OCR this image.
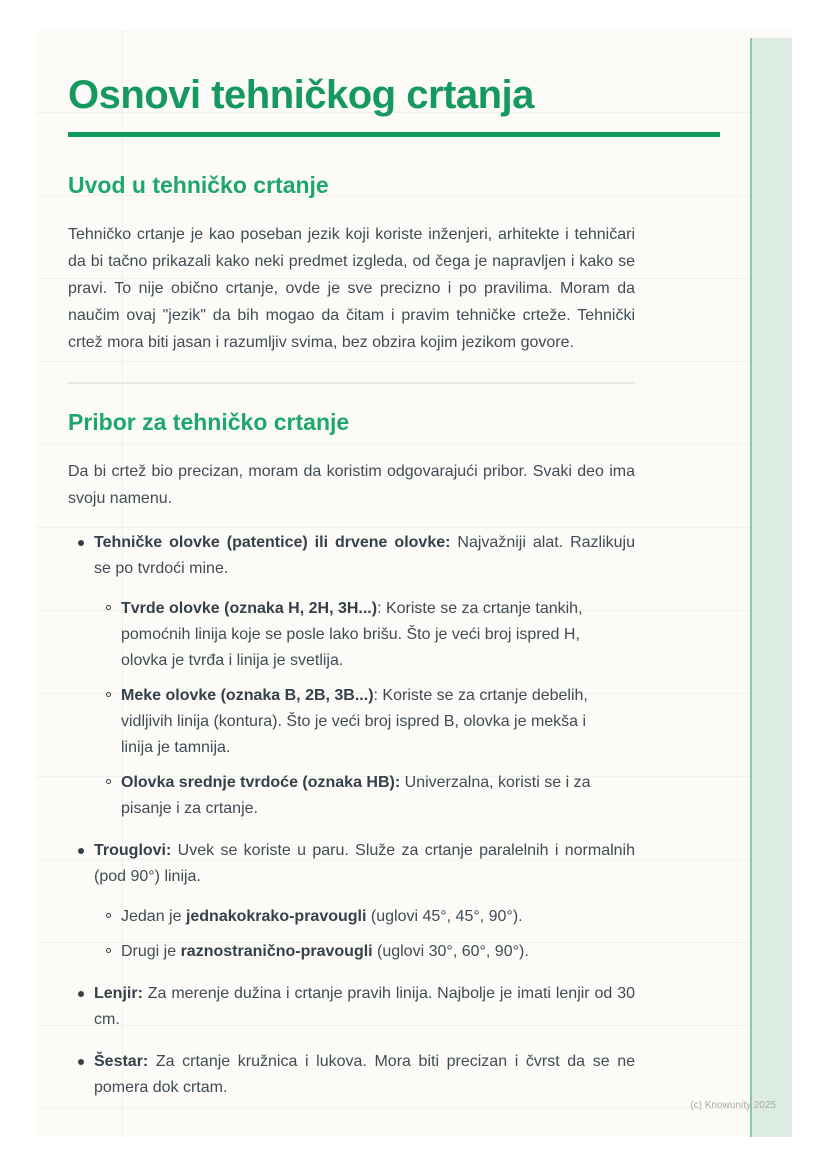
Osnovi tehničkog crtanja
Uvod u tehničko crtanje

Tehničko crtanje je kao poseban jezik koji koriste inženjeri, arhitekte i tehničari da bi tačno prikazali kako neki predmet izgleda, od čega je napravljen i kako se pravi. To nije obično crtanje, ovde je sve precizno i po pravilima. Moram da naučim ovaj "jezik" da bih mogao da čitam i pravim tehničke crteže. Tehnički crtež mora biti jasan i razumljiv svima, bez obzira kojim jezikom govore.

Pribor za tehničko crtanje

Da bi crtež bio precizan, moram da koristim odgovarajući pribor. Svaki deo ima svoju namenu.

Tehničke olovke (patentice) ili drvene olovke: Najvažniji alat. Razlikuju se po tvrdoći mine.
Tvrde olovke (oznaka H, 2H, 3H...): Koriste se za crtanje tankih, pomoćnih linija koje se posle lako brišu. Što je veći broj ispred H, olovka je tvrđa i linija je svetlija.
Meke olovke (oznaka B, 2B, 3B...): Koriste se za crtanje debelih, vidljivih linija (kontura). Što je veći broj ispred B, olovka je mekša i linija je tamnija.
Olovka srednje tvrdoće (oznaka HB): Univerzalna, koristi se i za pisanje i za crtanje.
Trouglovi: Uvek se koriste u paru. Služe za crtanje paralelnih i normalnih (pod 90°) linija.
Jedan je jednakokrako-pravougli (uglovi 45°, 45°, 90°).
Drugi je raznostranično-pravougli (uglovi 30°, 60°, 90°).
Lenjir: Za merenje dužina i crtanje pravih linija. Najbolje je imati lenjir od 30 cm.
Šestar: Za crtanje kružnica i lukova. Mora biti precizan i čvrst da se ne pomera dok crtam.
(c) Knowunity 2025
